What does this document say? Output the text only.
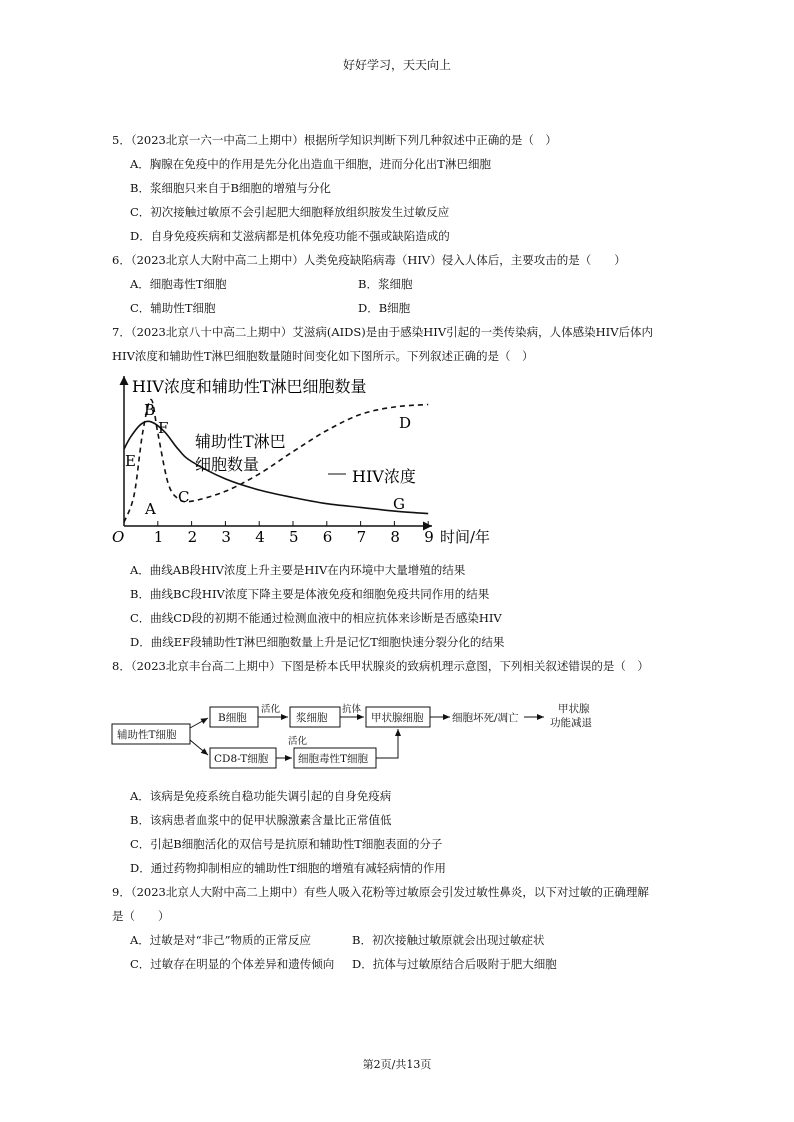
好好学习，天天向上
5．（2023北京一六一中高二上期中）根据所学知识判断下列几种叙述中正确的是（　）
A．胸腺在免疫中的作用是先分化出造血干细胞，进而分化出T淋巴细胞
B．浆细胞只来自于B细胞的增殖与分化
C．初次接触过敏原不会引起肥大细胞释放组织胺发生过敏反应
D．自身免疫疾病和艾滋病都是机体免疫功能不强或缺陷造成的
6．（2023北京人大附中高二上期中）人类免疫缺陷病毒（HIV）侵入人体后，主要攻击的是（　　）
A．细胞毒性T细胞	B．浆细胞
C．辅助性T细胞	D．B细胞
7．（2023北京八十中高二上期中）艾滋病(AIDS)是由于感染HIV引起的一类传染病，人体感染HIV后体内
HIV浓度和辅助性T淋巴细胞数量随时间变化如下图所示。下列叙述正确的是（　）
HIV浓度和辅助性T淋巴细胞数量
O	时间/年
1 2 3 4 5 6 7 8 9
辅助性T淋巴
细胞数量
HIV浓度
A
B
C
D
E
F
G
A．曲线AB段HIV浓度上升主要是HIV在内环境中大量增殖的结果
B．曲线BC段HIV浓度下降主要是体液免疫和细胞免疫共同作用的结果
C．曲线CD段的初期不能通过检测血液中的相应抗体来诊断是否感染HIV
D．曲线EF段辅助性T淋巴细胞数量上升是记忆T细胞快速分裂分化的结果
8．（2023北京丰台高二上期中）下图是桥本氏甲状腺炎的致病机理示意图，下列相关叙述错误的是（　）
辅助性T细胞
B细胞
活化
浆细胞
抗体
甲状腺细胞	细胞坏死/凋亡
甲状腺
功能减退
CD8-T细胞
活化
细胞毒性T细胞
A．该病是免疫系统自稳功能失调引起的自身免疫病
B．该病患者血浆中的促甲状腺激素含量比正常值低
C．引起B细胞活化的双信号是抗原和辅助性T细胞表面的分子
D．通过药物抑制相应的辅助性T细胞的增殖有减轻病情的作用
9．（2023北京人大附中高二上期中）有些人吸入花粉等过敏原会引发过敏性鼻炎，以下对过敏的正确理解
是（　　）
A．过敏是对“非己”物质的正常反应	B．初次接触过敏原就会出现过敏症状
C．过敏存在明显的个体差异和遗传倾向 D．抗体与过敏原结合后吸附于肥大细胞
第2页/共13页
